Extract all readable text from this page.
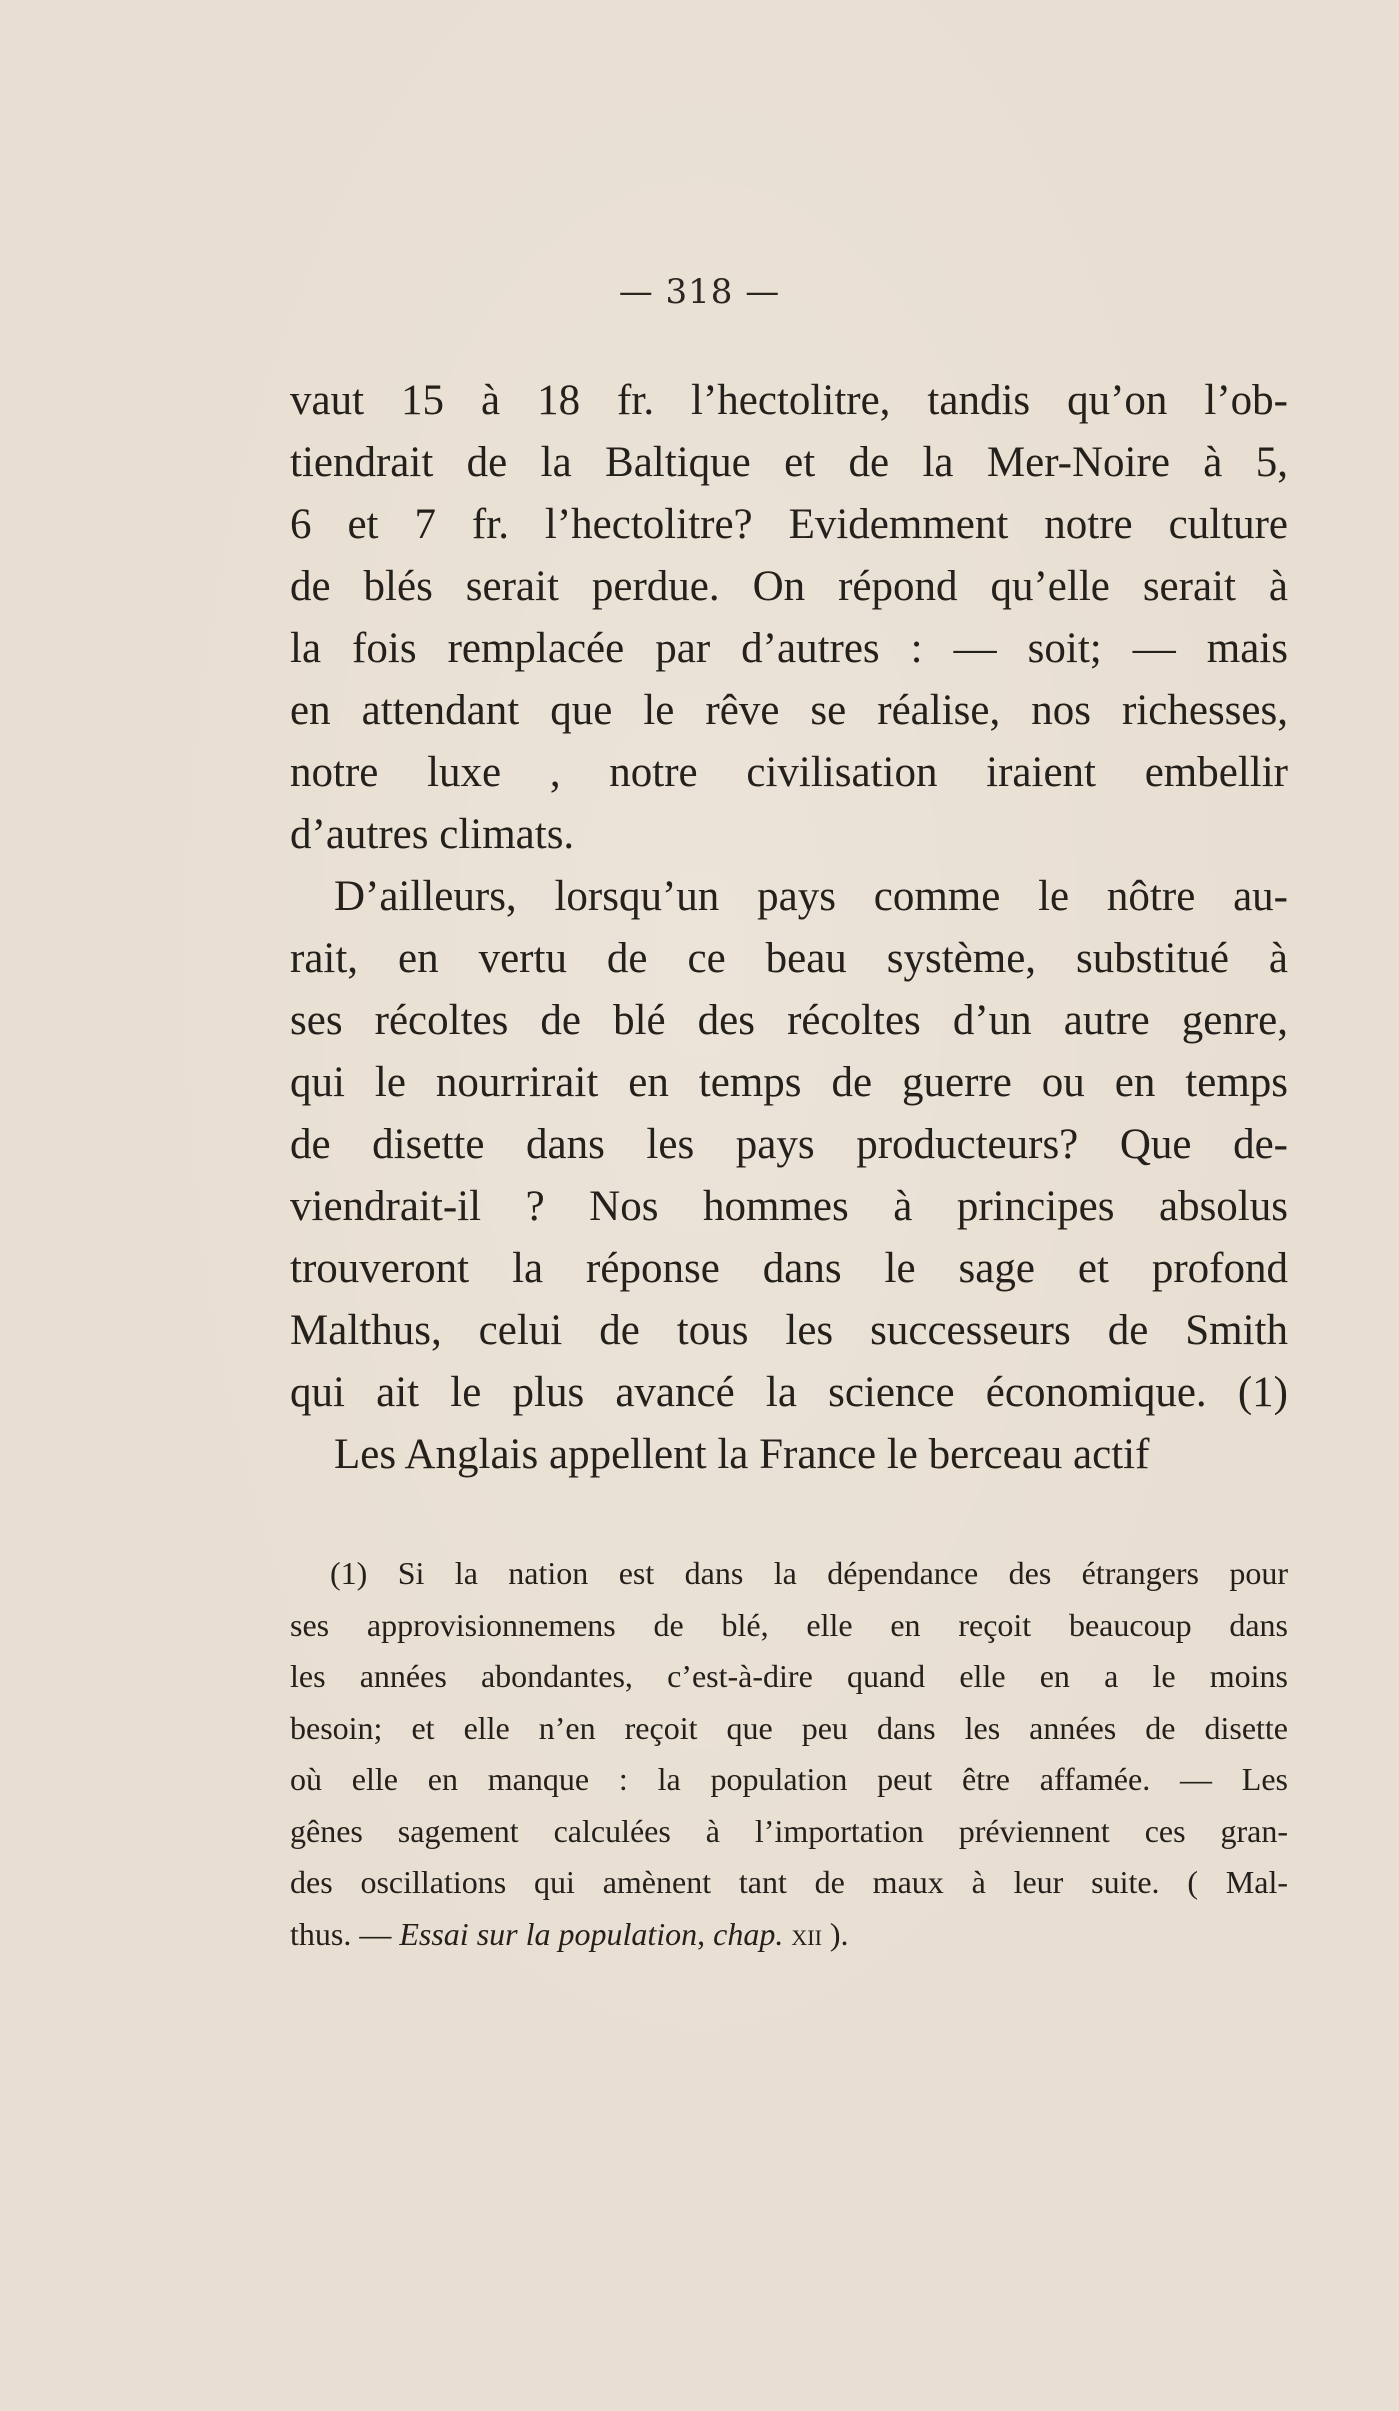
— 318 —
vaut 15 à 18 fr. l’hectolitre, tandis qu’on l’ob-
tiendrait de la Baltique et de la Mer-Noire à 5,
6 et 7 fr. l’hectolitre? Evidemment notre culture
de blés serait perdue. On répond qu’elle serait à
la fois remplacée par d’autres : — soit; — mais
en attendant que le rêve se réalise, nos richesses,
notre luxe , notre civilisation iraient embellir
d’autres climats.
D’ailleurs, lorsqu’un pays comme le nôtre au-
rait, en vertu de ce beau système, substitué à
ses récoltes de blé des récoltes d’un autre genre,
qui le nourrirait en temps de guerre ou en temps
de disette dans les pays producteurs? Que de-
viendrait-il ? Nos hommes à principes absolus
trouveront la réponse dans le sage et profond
Malthus, celui de tous les successeurs de Smith
qui ait le plus avancé la science économique. (1)
Les Anglais appellent la France le berceau actif
(1) Si la nation est dans la dépendance des étrangers pour
ses approvisionnemens de blé, elle en reçoit beaucoup dans
les années abondantes, c’est-à-dire quand elle en a le moins
besoin; et elle n’en reçoit que peu dans les années de disette
où elle en manque : la population peut être affamée. — Les
gênes sagement calculées à l’importation préviennent ces gran-
des oscillations qui amènent tant de maux à leur suite. ( Mal-
thus. — Essai sur la population, chap. xii ).
